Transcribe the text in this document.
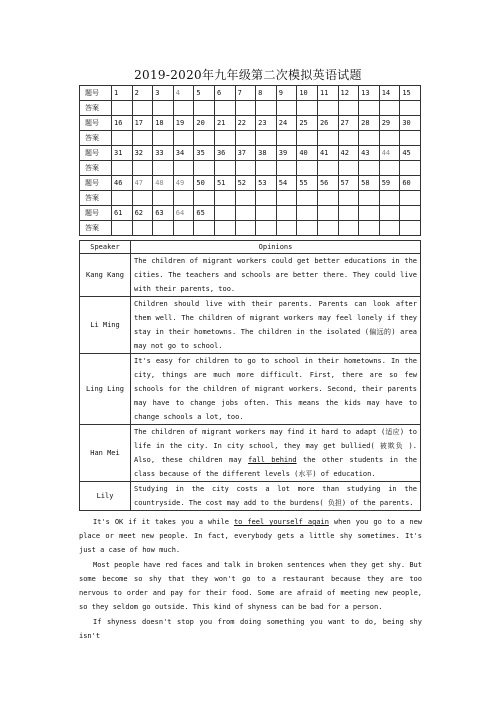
2019-2020年九年级第二次模拟英语试题
题号	1	2	3	4	5	6	7	8	9	10	11	12	13	14	15
答案															
题号	16	17	18	19	20	21	22	23	24	25	26	27	28	29	30
答案															
题号	31	32	33	34	35	36	37	38	39	40	41	42	43	44	45
答案															
题号	46	47	48	49	50	51	52	53	54	55	56	57	58	59	60
答案															
题号	61	62	63	64	65										
答案															
Speaker	Opinions
Kang Kang	The children of migrant workers could get better educations in the cities. The teachers and schools are better there. They could live with their parents, too.
Li Ming	Children should live with their parents. Parents can look after them well. The children of migrant workers may feel lonely if they stay in their hometowns. The children in the isolated (偏远的) area may not go to school.
Ling Ling	It's easy for children to go to school in their hometowns. In the city, things are much more difficult. First, there are so few schools for the children of migrant workers. Second, their parents may have to change jobs often. This means the kids may have to change schools a lot, too.
Han Mei	The children of migrant workers may find it hard to adapt (适应) to life in the city. In city school, they may get bullied( 被欺负 ). Also, these children may fall behind the other students in the class because of the different levels (水平) of education.
Lily	Studying in the city costs a lot more than studying in the countryside. The cost may add to the burdens( 负担) of the parents.

It's OK if it takes you a while to feel yourself again when you go to a new place or meet new people. In fact, everybody gets a little shy sometimes. It's just a case of how much.

Most people have red faces and talk in broken sentences when they get shy. But some become so shy that they won't go to a restaurant because they are too nervous to order and pay for their food. Some are afraid of meeting new people, so they seldom go outside. This kind of shyness can be bad for a person.

If shyness doesn't stop you from doing something you want to do, being shy isn't
